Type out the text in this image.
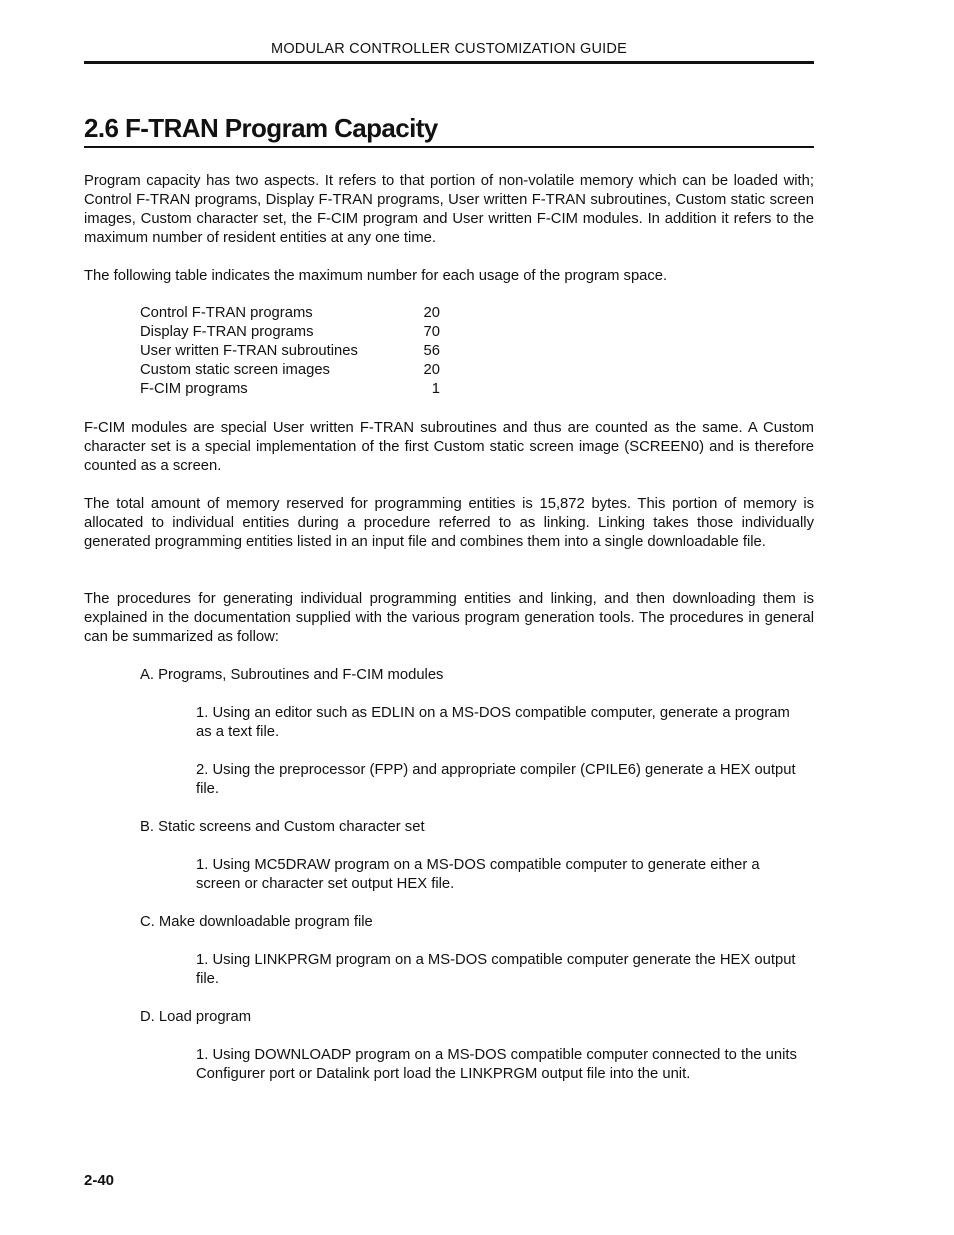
MODULAR CONTROLLER CUSTOMIZATION GUIDE
2.6 F-TRAN Program Capacity

Program capacity has two aspects. It refers to that portion of non-volatile memory which can be loaded with; Control F-TRAN programs, Display F-TRAN programs, User written F-TRAN subroutines, Custom static screen images, Custom character set, the F-CIM program and User written F-CIM modules. In addition it refers to the maximum number of resident entities at any one time.

The following table indicates the maximum number for each usage of the program space.

Control F-TRAN programs	20
Display F-TRAN programs	70
User written F-TRAN subroutines	56
Custom static screen images	20
F-CIM programs	1

F-CIM modules are special User written F-TRAN subroutines and thus are counted as the same. A Custom character set is a special implementation of the first Custom static screen image (SCREEN0) and is therefore counted as a screen.

The total amount of memory reserved for programming entities is 15,872 bytes. This portion of memory is allocated to individual entities during a procedure referred to as linking. Linking takes those individually generated programming entities listed in an input file and combines them into a single downloadable file.

The procedures for generating individual programming entities and linking, and then downloading them is explained in the documentation supplied with the various program generation tools. The procedures in general can be summarized as follow:

A. Programs, Subroutines and F-CIM modules

1. Using an editor such as EDLIN on a MS-DOS compatible computer, generate a program as a text file.

2. Using the preprocessor (FPP) and appropriate compiler (CPILE6) generate a HEX output file.

B. Static screens and Custom character set

1. Using MC5DRAW program on a MS-DOS compatible computer to generate either a screen or character set output HEX file.

C. Make downloadable program file

1. Using LINKPRGM program on a MS-DOS compatible computer generate the HEX output file.

D. Load program

1. Using DOWNLOADP program on a MS-DOS compatible computer connected to the units Configurer port or Datalink port load the LINKPRGM output file into the unit.

2-40
